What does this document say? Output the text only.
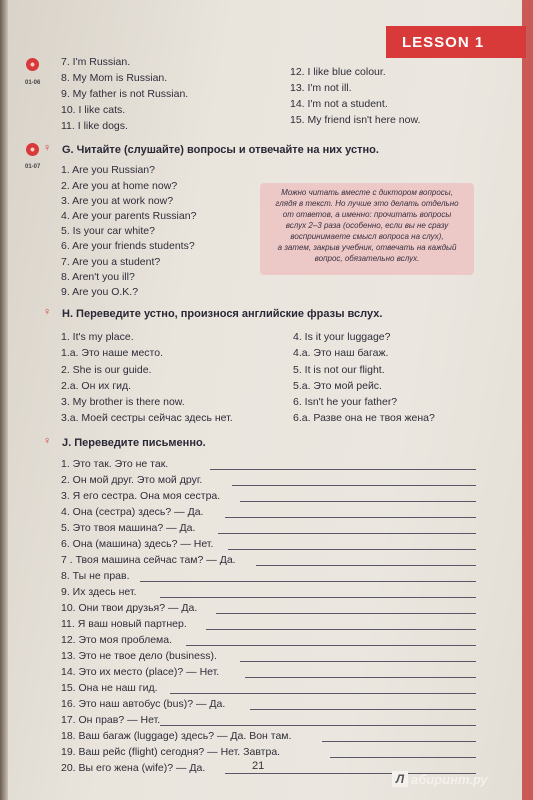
LESSON 1
01-06
7. I'm Russian.
8. My Mom is Russian.
9. My father is not Russian.
10. I like cats.
11. I like dogs.
12. I like blue colour.
13. I'm not ill.
14. I'm not a student.
15. My friend isn't here now.
♀
01-07
G. Читайте (слушайте) вопросы и отвечайте на них устно.
1. Are you Russian?
2. Are you at home now?
3. Are you at work now?
4. Are your parents Russian?
5. Is your car white?
6. Are your friends students?
7. Are you a student?
8. Aren't you ill?
9. Are you O.K.?
Можно читать вместе с диктором вопросы,
глядя в текст. Но лучше это делать отдельно
от ответов, а именно: прочитать вопросы
вслух 2–3 раза (особенно, если вы не сразу
воспринимаете смысл вопроса на слух),
а затем, закрыв учебник, отвечать на каждый
вопрос, обязательно вслух.
♀ H. Переведите устно, произнося английские фразы вслух.
1. It's my place.
1.a. Это наше место.
2. She is our guide.
2.a. Он их гид.
3. My brother is there now.
3.a. Моей сестры сейчас здесь нет.
4. Is it your luggage?
4.a. Это наш багаж.
5. It is not our flight.
5.a. Это мой рейс.
6. Isn't he your father?
6.a. Разве она не твоя жена?
♀ J. Переведите письменно.
1. Это так. Это не так.
2. Он мой друг. Это мой друг.
3. Я его сестра. Она моя сестра.
4. Она (сестра) здесь? — Да.
5. Это твоя машина? — Да.
6. Она (машина) здесь? — Нет.
7 . Твоя машина сейчас там? — Да.
8. Ты не прав.
9. Их здесь нет.
10. Они твои друзья? — Да.
11. Я ваш новый партнер.
12. Это моя проблема.
13. Это не твое дело (business).
14. Это их место (place)? — Нет.
15. Она не наш гид.
16. Это наш автобус (bus)? — Да.
17. Он прав? — Нет.
18. Ваш багаж (luggage) здесь? — Да. Вон там.
19. Ваш рейс (flight) сегодня? — Нет. Завтра.
20. Вы его жена (wife)? — Да.	21
Л абиринт.ру
